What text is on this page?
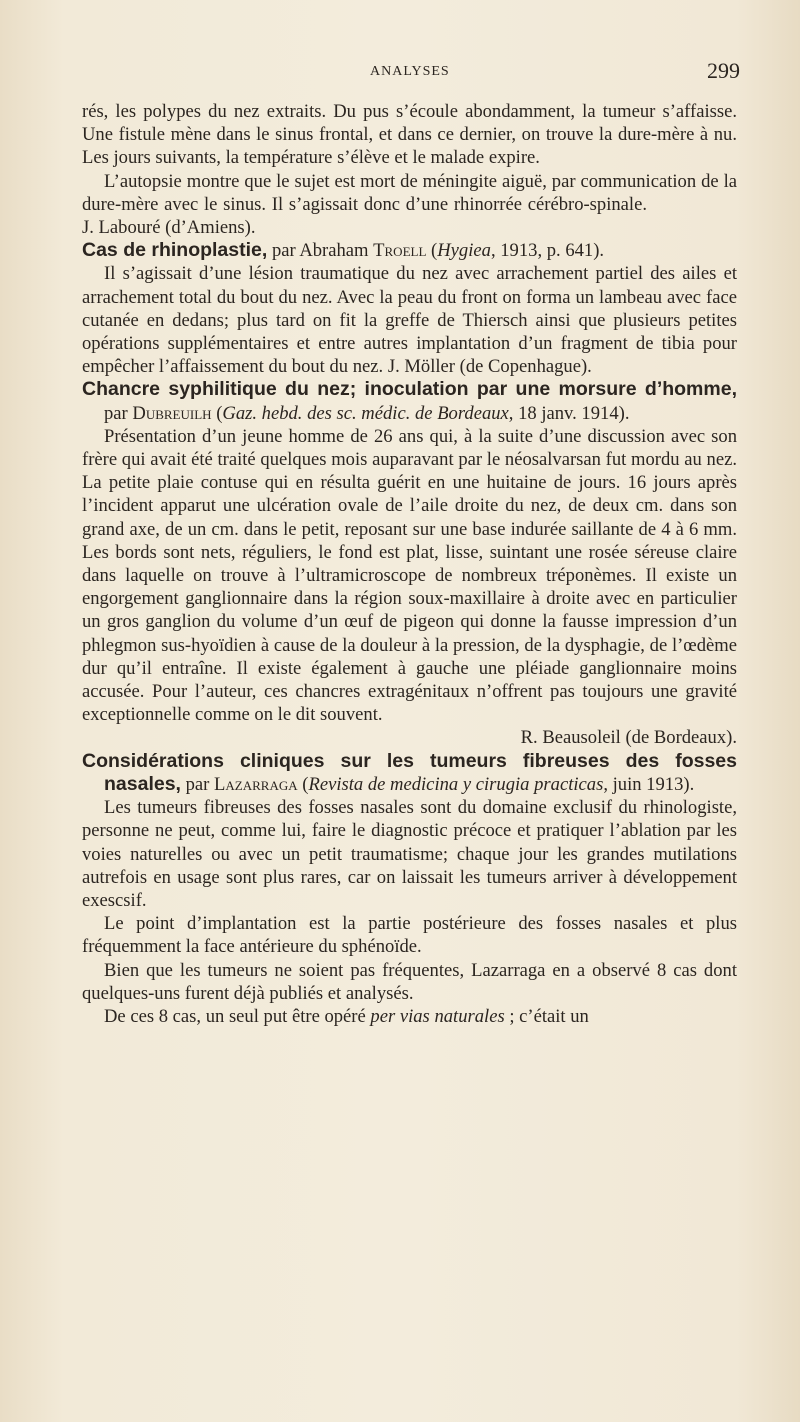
ANALYSES	299

rés, les polypes du nez extraits. Du pus s’écoule abondamment, la tumeur s’affaisse. Une fistule mène dans le sinus frontal, et dans ce dernier, on trouve la dure-mère à nu. Les jours suivants, la température s’élève et le malade expire.

L’autopsie montre que le sujet est mort de méningite aiguë, par communication de la dure-mère avec le sinus. Il s’agissait donc d’une rhinorrée cérébro-spinale.J. Labouré (d’Amiens).

Cas de rhinoplastie, par Abraham Troell (Hygiea, 1913, p. 641).

Il s’agissait d’une lésion traumatique du nez avec arrachement partiel des ailes et arrachement total du bout du nez. Avec la peau du front on forma un lambeau avec face cutanée en dedans; plus tard on fit la greffe de Thiersch ainsi que plusieurs petites opérations supplémentaires et entre autres implantation d’un fragment de tibia pour empêcher l’affaissement du bout du nez. J. Möller (de Copenhague).

Chancre syphilitique du nez; inoculation par une morsure d’homme, par Dubreuilh (Gaz. hebd. des sc. médic. de Bordeaux, 18 janv. 1914).

Présentation d’un jeune homme de 26 ans qui, à la suite d’une discussion avec son frère qui avait été traité quelques mois auparavant par le néosalvarsan fut mordu au nez. La petite plaie contuse qui en résulta guérit en une huitaine de jours. 16 jours après l’incident apparut une ulcération ovale de l’aile droite du nez, de deux cm. dans son grand axe, de un cm. dans le petit, reposant sur une base indurée saillante de 4 à 6 mm. Les bords sont nets, réguliers, le fond est plat, lisse, suintant une rosée séreuse claire dans laquelle on trouve à l’ultramicroscope de nombreux tréponèmes. Il existe un engorgement ganglionnaire dans la région soux-maxillaire à droite avec en particulier un gros ganglion du volume d’un œuf de pigeon qui donne la fausse impression d’un phlegmon sus-hyoïdien à cause de la douleur à la pression, de la dysphagie, de l’œdème dur qu’il entraîne. Il existe également à gauche une pléiade ganglionnaire moins accusée. Pour l’auteur, ces chancres extragénitaux n’offrent pas toujours une gravité exceptionnelle comme on le dit souvent.

R. Beausoleil (de Bordeaux).

Considérations cliniques sur les tumeurs fibreuses des fosses nasales, par Lazarraga (Revista de medicina y cirugia practicas, juin 1913).

Les tumeurs fibreuses des fosses nasales sont du domaine exclusif du rhinologiste, personne ne peut, comme lui, faire le diagnostic précoce et pratiquer l’ablation par les voies naturelles ou avec un petit traumatisme; chaque jour les grandes mutilations autrefois en usage sont plus rares, car on laissait les tumeurs arriver à développement exescsif.

Le point d’implantation est la partie postérieure des fosses nasales et plus fréquemment la face antérieure du sphénoïde.

Bien que les tumeurs ne soient pas fréquentes, Lazarraga en a observé 8 cas dont quelques-uns furent déjà publiés et analysés.

De ces 8 cas, un seul put être opéré per vias naturales ; c’était un
